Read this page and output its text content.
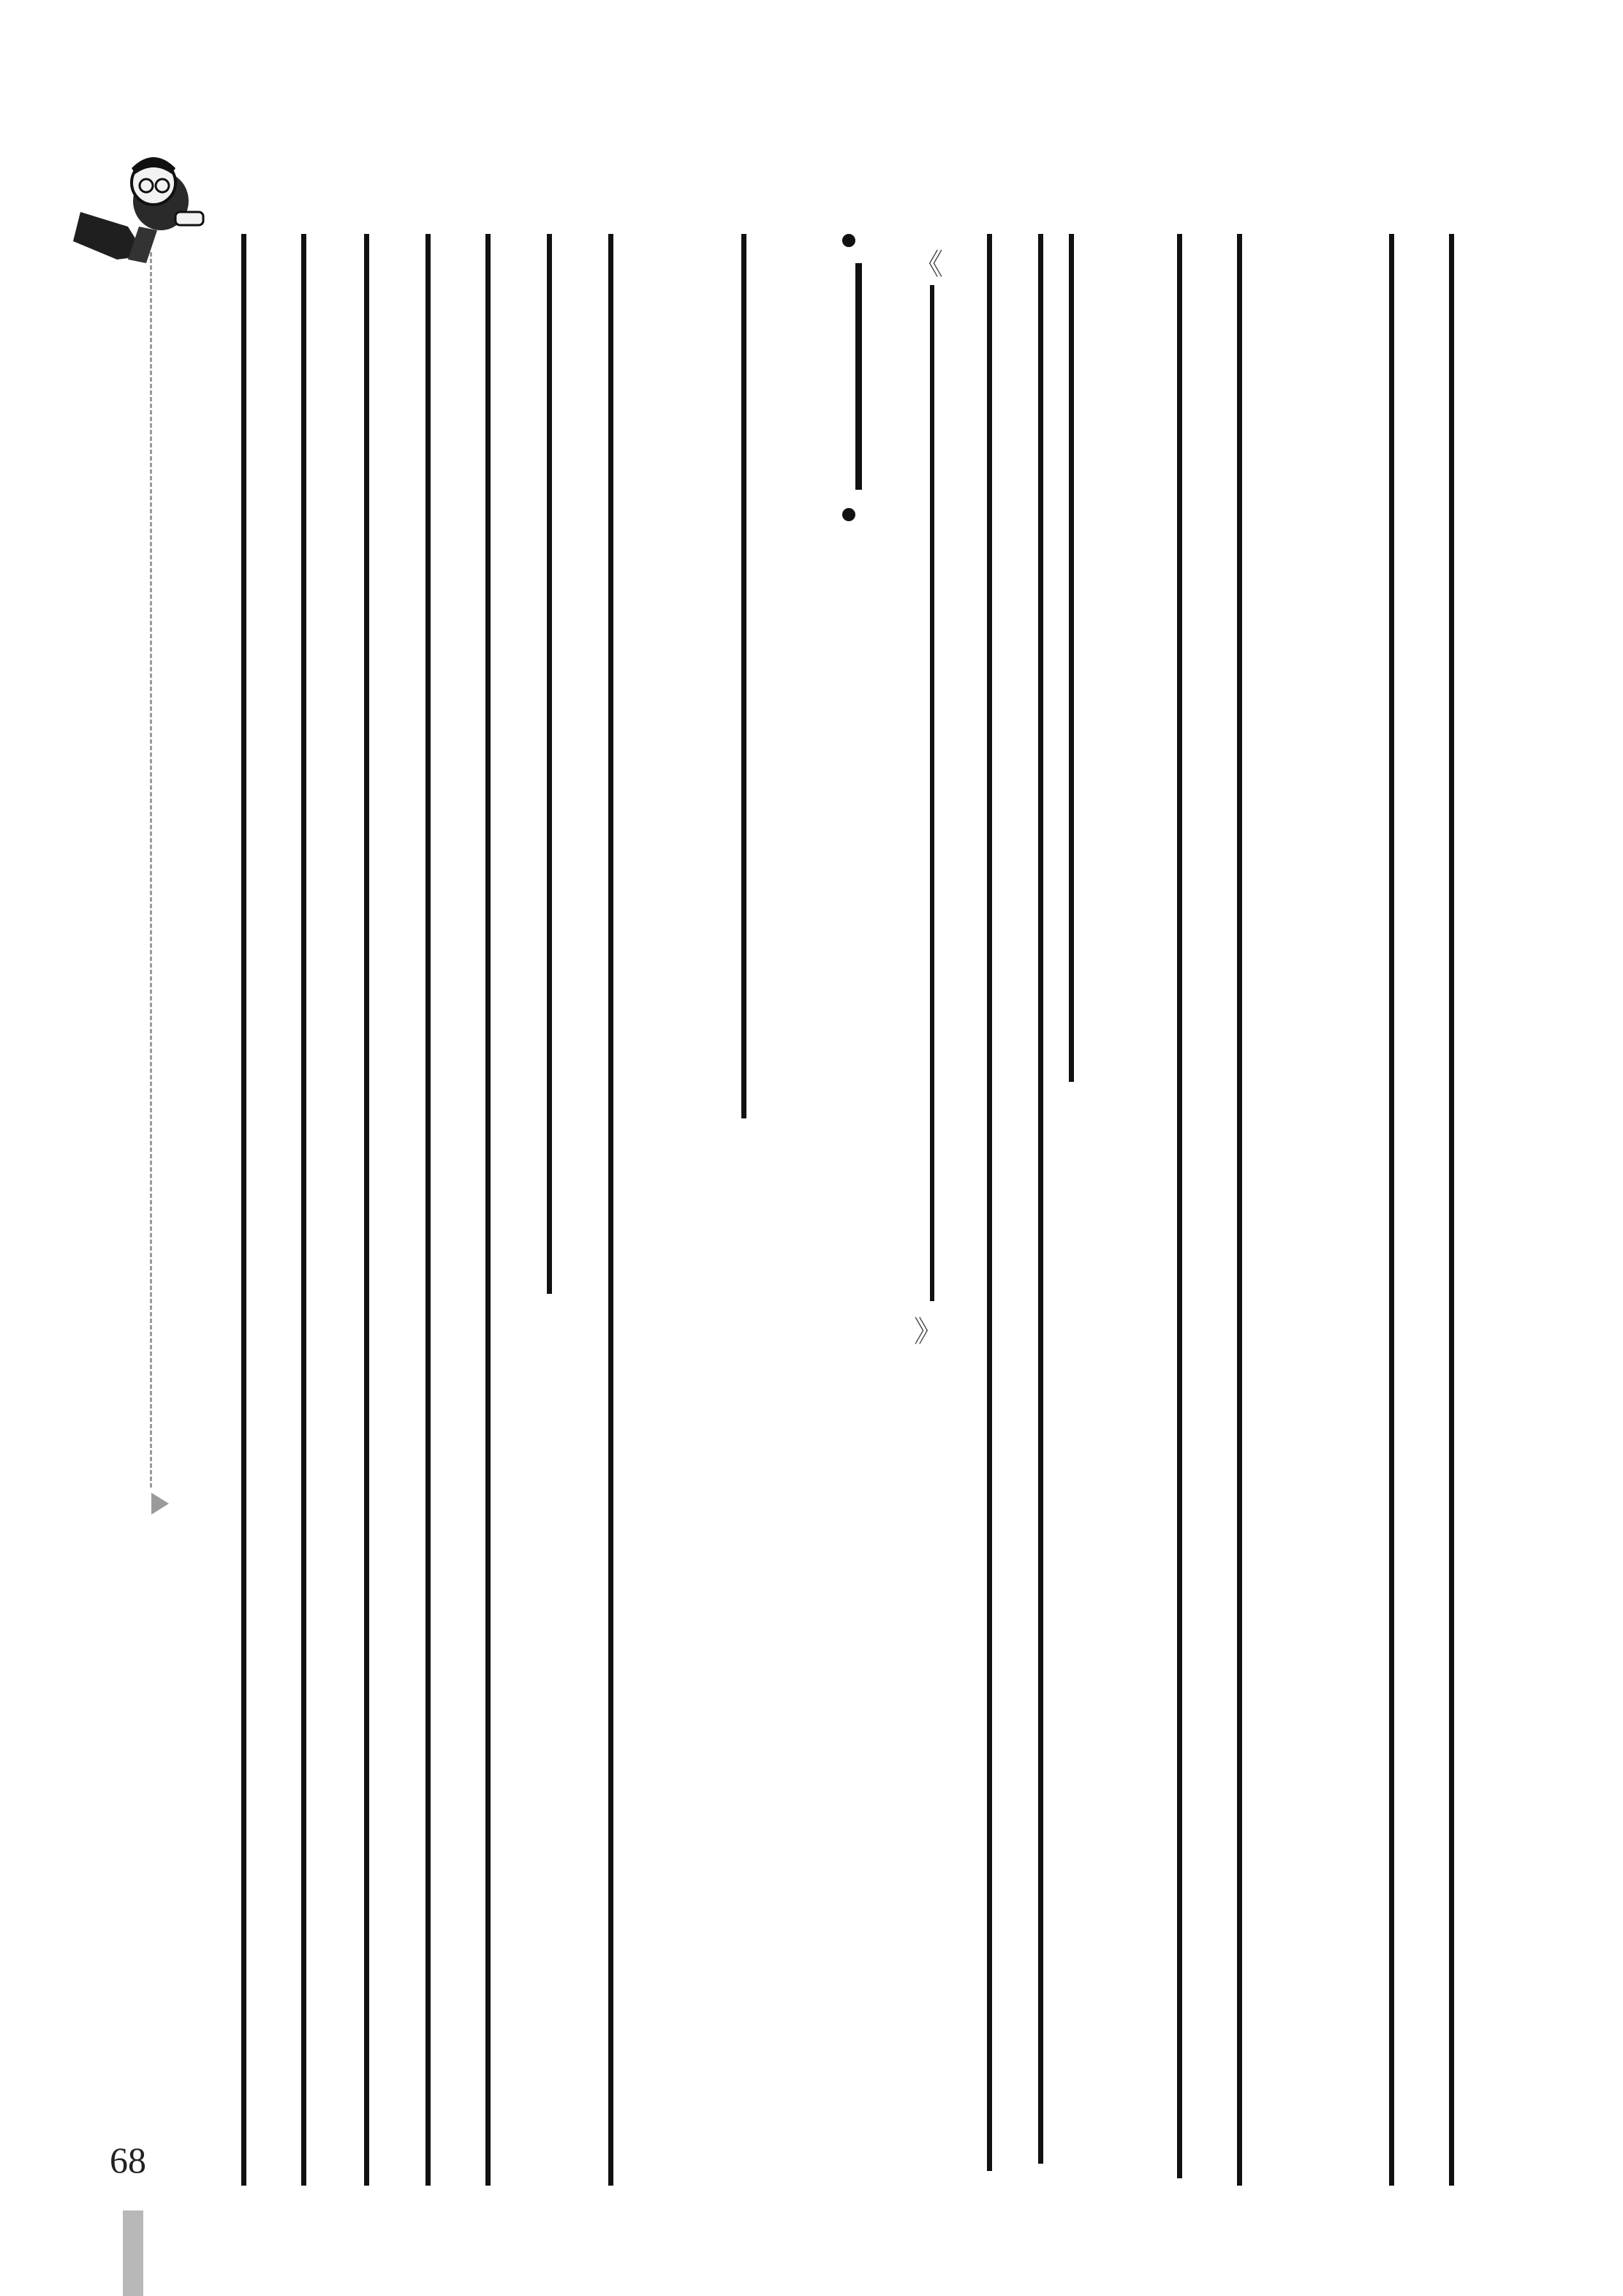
《
》
68
